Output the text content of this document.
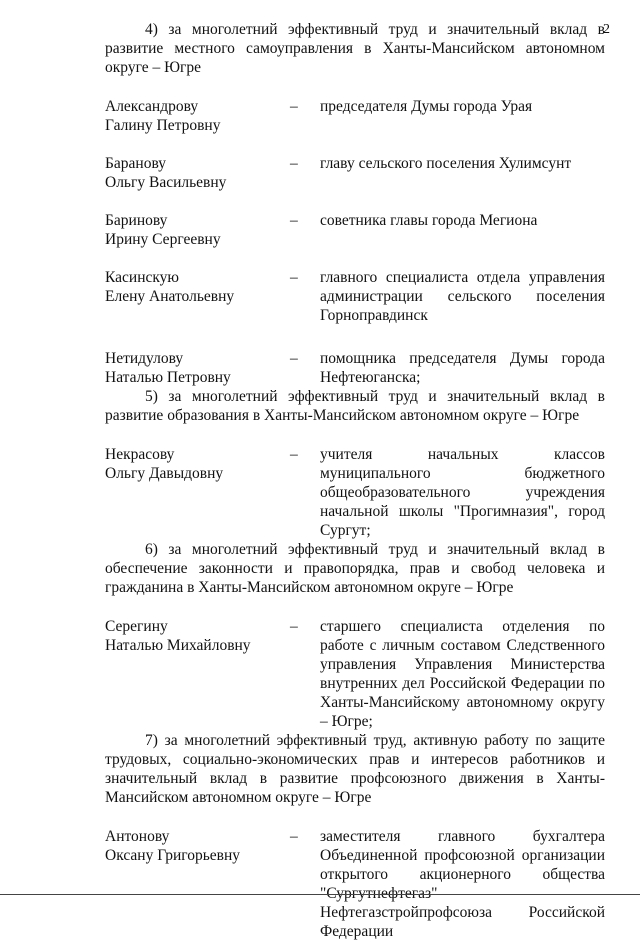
2

4) за многолетний эффективный труд и значительный вклад в развитие местного самоуправления в Ханты-Мансийском автономном округе – Югре

Александрову
Галину Петровну
–	председателя Думы города Урая
Баранову
Ольгу Васильевну
–	главу сельского поселения Хулимсунт
Баринову
Ирину Сергеевну
–	советника главы города Мегиона
Касинскую
Елену Анатольевну
–	главного специалиста отдела управления администрации сельского поселения Горноправдинск
Нетидулову
Наталью Петровну
–	помощника председателя Думы города Нефтеюганска;

5) за многолетний эффективный труд и значительный вклад в развитие образования в Ханты-Мансийском автономном округе – Югре

Некрасову
Ольгу Давыдовну
–	учителя начальных классов муниципального бюджетного общеобразовательного учреждения начальной школы "Прогимназия", город Сургут;

6) за многолетний эффективный труд и значительный вклад в обеспечение законности и правопорядка, прав и свобод человека и гражданина в Ханты-Мансийском автономном округе – Югре

Серегину
Наталью Михайловну
–	старшего специалиста отделения по работе с личным составом Следственного управления Управления Министерства внутренних дел Российской Федерации по Ханты-Мансийскому автономному округу – Югре;

7) за многолетний эффективный труд, активную работу по защите трудовых, социально-экономических прав и интересов работников и значительный вклад в развитие профсоюзного движения в Ханты-Мансийском автономном округе – Югре

Антонову
Оксану Григорьевну
–	заместителя главного бухгалтера Объединенной профсоюзной организации открытого акционерного общества "Сургутнефтегаз" Нефтегазстройпрофсоюза Российской Федерации
